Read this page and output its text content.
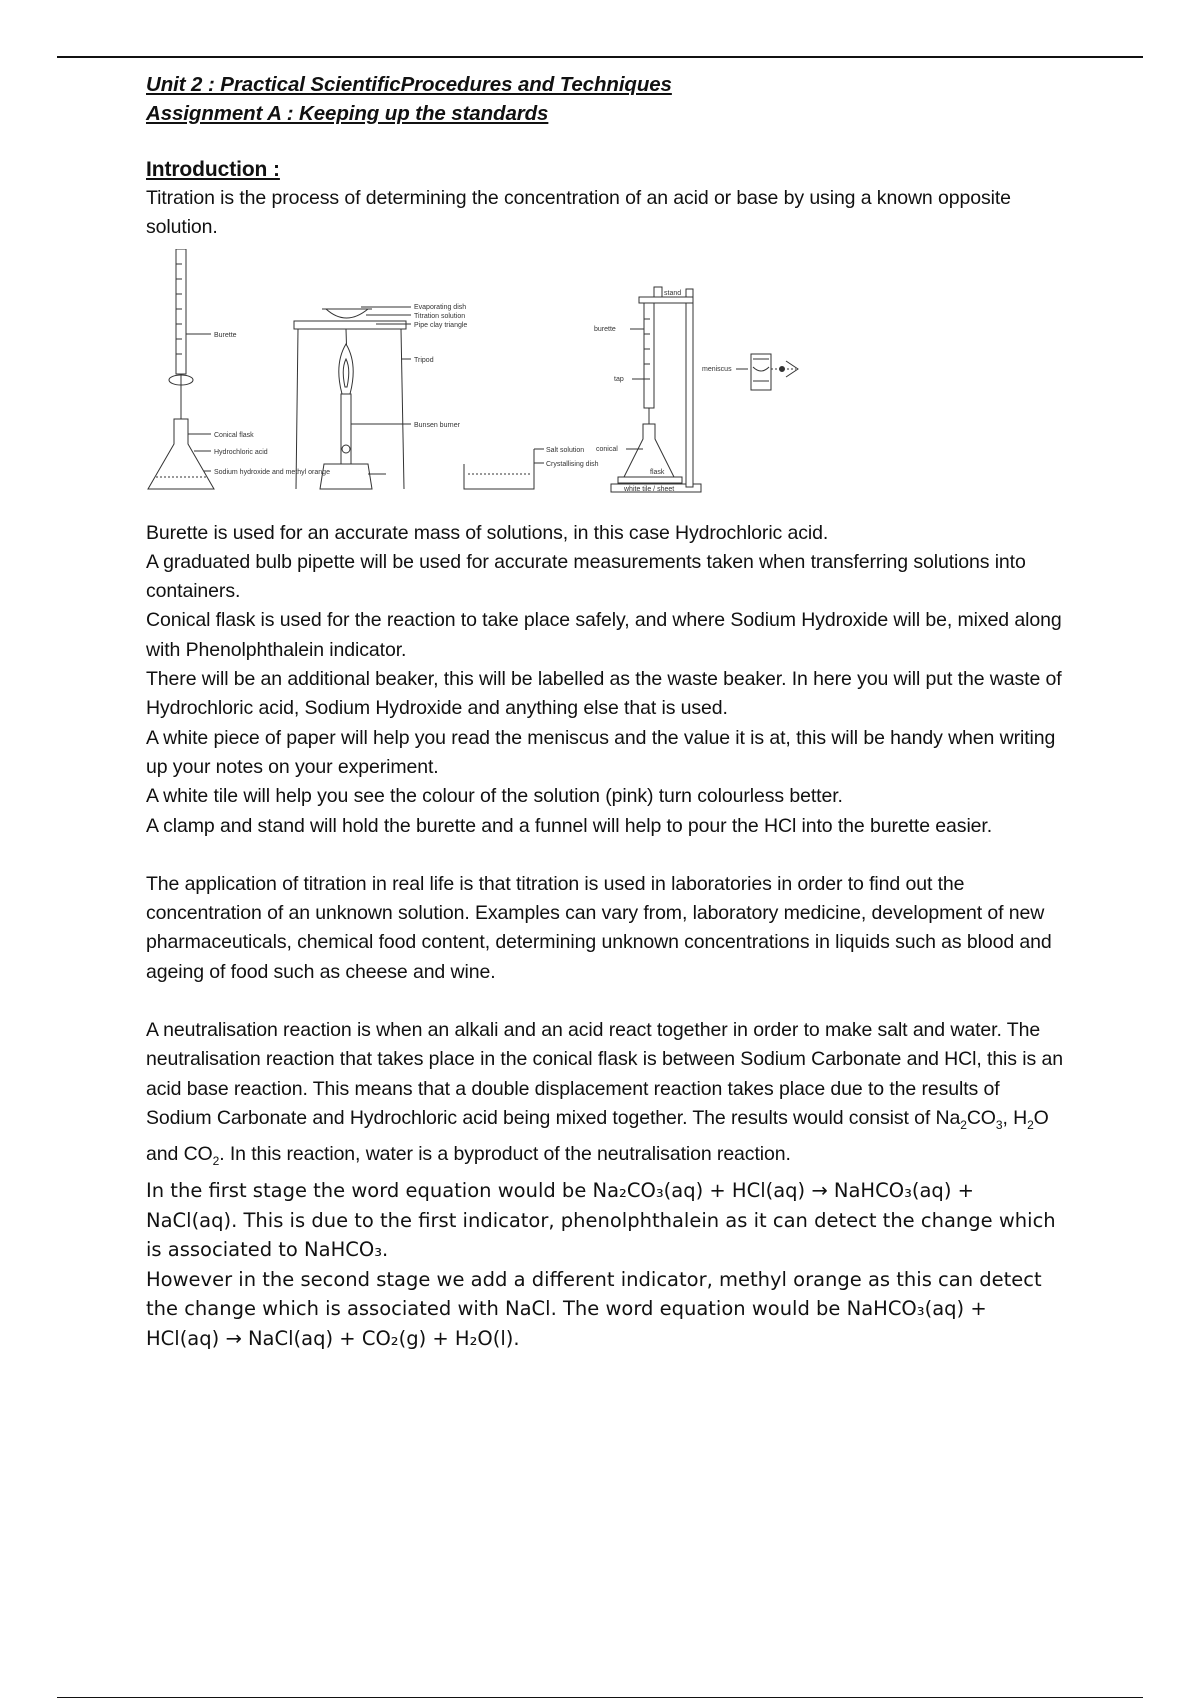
Unit 2 : Practical ScientificProcedures and Techniques

Assignment A : Keeping up the standards

Introduction :

Titration is the process of determining the concentration of an acid or base by using a known opposite solution.

Burette
Conical flask
Hydrochloric acid
Sodium hydroxide and methyl orange
Evaporating dish
Titration solution
Pipe clay triangle
Tripod
Bunsen burner
Salt solution
Crystallising dish
burette
stand
tap
conical
flask
white tile / sheet
meniscus

Burette is used for an accurate mass of solutions, in this case Hydrochloric acid.

A graduated bulb pipette will be used for accurate measurements taken when transferring solutions into containers.

Conical flask is used for the reaction to take place safely, and where Sodium Hydroxide will be, mixed along with Phenolphthalein indicator.

There will be an additional beaker, this will be labelled as the waste beaker. In here you will put the waste of Hydrochloric acid, Sodium Hydroxide and anything else that is used.

A white piece of paper will help you read the meniscus and the value it is at, this will be handy when writing up your notes on your experiment.

A white tile will help you see the colour of the solution (pink) turn colourless better.

A clamp and stand will hold the burette and a funnel will help to pour the HCl into the burette easier.

The application of titration in real life is that titration is used in laboratories in order to find out the concentration of an unknown solution. Examples can vary from, laboratory medicine, development of new pharmaceuticals, chemical food content, determining unknown concentrations in liquids such as blood and ageing of food such as cheese and wine.

A neutralisation reaction is when an alkali and an acid react together in order to make salt and water. The neutralisation reaction that takes place in the conical flask is between Sodium Carbonate and HCl, this is an acid base reaction. This means that a double displacement reaction takes place due to the results of Sodium Carbonate and Hydrochloric acid being mixed together. The results would consist of $Na_2CO_3$, $H_2O$ and $CO_2$. In this reaction, water is a byproduct of the neutralisation reaction.

In the first stage the word equation would be Na₂CO₃(aq) + HCl(aq) → NaHCO₃(aq) + NaCl(aq). This is due to the first indicator, phenolphthalein as it can detect the change which is associated to NaHCO₃.

However in the second stage we add a different indicator, methyl orange as this can detect the change which is associated with NaCl. The word equation would be NaHCO₃(aq) + HCl(aq) → NaCl(aq) + CO₂(g) + H₂O(l).
